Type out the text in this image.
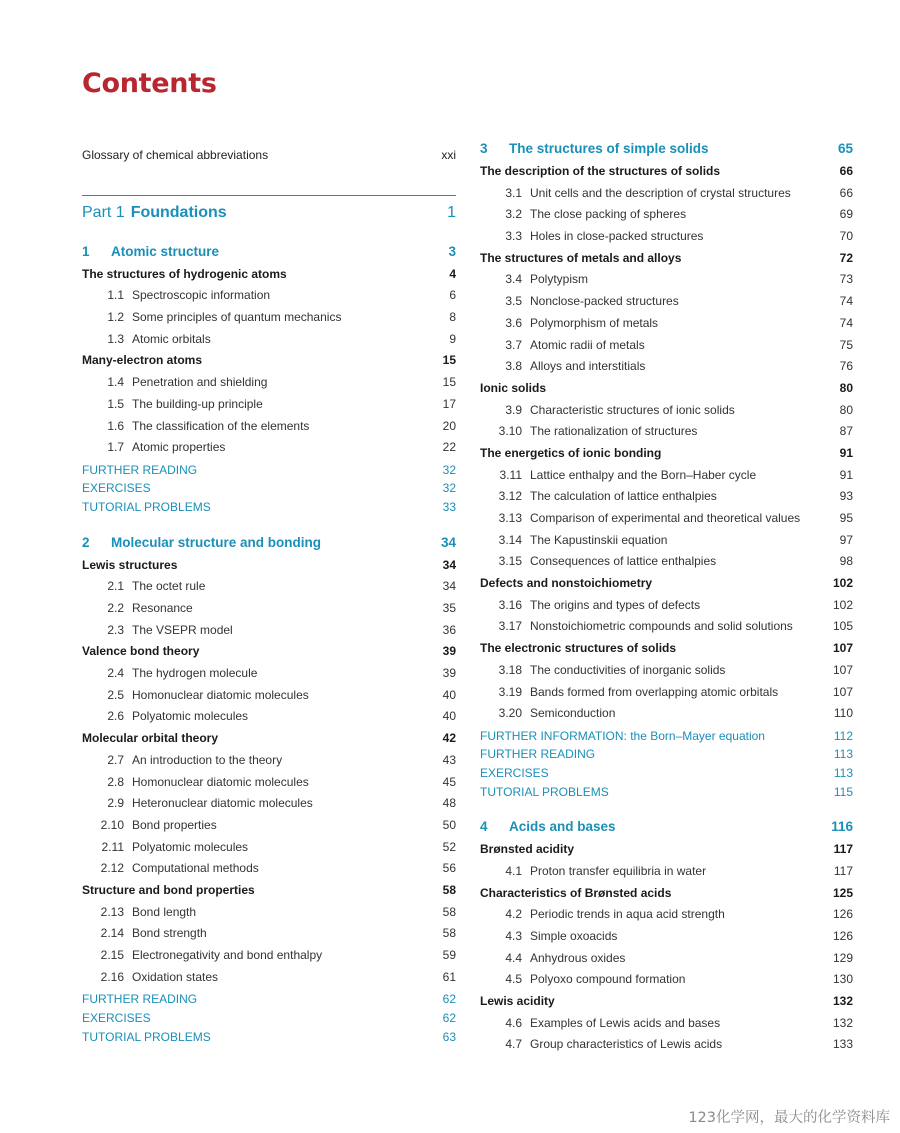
Contents
Glossary of chemical abbreviations	xxi
Part 1 Foundations	1
1	Atomic structure	3
The structures of hydrogenic atoms	4
1.1 Spectroscopic information	6
1.2 Some principles of quantum mechanics	8
1.3 Atomic orbitals	9
Many-electron atoms	15
1.4 Penetration and shielding	15
1.5 The building-up principle	17
1.6 The classification of the elements	20
1.7 Atomic properties	22
FURTHER READING	32
EXERCISES	32
TUTORIAL PROBLEMS	33
2	Molecular structure and bonding	34
Lewis structures	34
2.1 The octet rule	34
2.2 Resonance	35
2.3 The VSEPR model	36
Valence bond theory	39
2.4 The hydrogen molecule	39
2.5 Homonuclear diatomic molecules	40
2.6 Polyatomic molecules	40
Molecular orbital theory	42
2.7 An introduction to the theory	43
2.8 Homonuclear diatomic molecules	45
2.9 Heteronuclear diatomic molecules	48
2.10 Bond properties	50
2.11 Polyatomic molecules	52
2.12 Computational methods	56
Structure and bond properties	58
2.13 Bond length	58
2.14 Bond strength	58
2.15 Electronegativity and bond enthalpy	59
2.16 Oxidation states	61
FURTHER READING	62
EXERCISES	62
TUTORIAL PROBLEMS	63
3	The structures of simple solids	65
The description of the structures of solids	66
3.1 Unit cells and the description of crystal structures	66
3.2 The close packing of spheres	69
3.3 Holes in close-packed structures	70
The structures of metals and alloys	72
3.4 Polytypism	73
3.5 Nonclose-packed structures	74
3.6 Polymorphism of metals	74
3.7 Atomic radii of metals	75
3.8 Alloys and interstitials	76
Ionic solids	80
3.9 Characteristic structures of ionic solids	80
3.10 The rationalization of structures	87
The energetics of ionic bonding	91
3.11 Lattice enthalpy and the Born–Haber cycle	91
3.12 The calculation of lattice enthalpies	93
3.13 Comparison of experimental and theoretical values	95
3.14 The Kapustinskii equation	97
3.15 Consequences of lattice enthalpies	98
Defects and nonstoichiometry	102
3.16 The origins and types of defects	102
3.17 Nonstoichiometric compounds and solid solutions	105
The electronic structures of solids	107
3.18 The conductivities of inorganic solids	107
3.19 Bands formed from overlapping atomic orbitals	107
3.20 Semiconduction	110
FURTHER INFORMATION: the Born–Mayer equation	112
FURTHER READING	113
EXERCISES	113
TUTORIAL PROBLEMS	115
4	Acids and bases	116
Brønsted acidity	117
4.1 Proton transfer equilibria in water	117
Characteristics of Brønsted acids	125
4.2 Periodic trends in aqua acid strength	126
4.3 Simple oxoacids	126
4.4 Anhydrous oxides	129
4.5 Polyoxo compound formation	130
Lewis acidity	132
4.6 Examples of Lewis acids and bases	132
4.7 Group characteristics of Lewis acids	133
123化学网，最大的化学资料库
